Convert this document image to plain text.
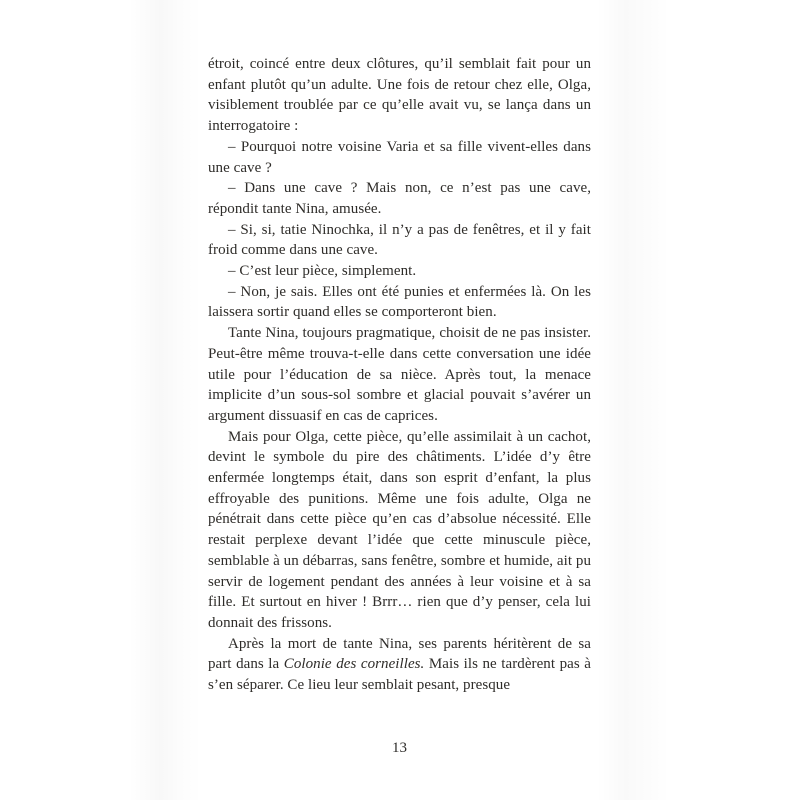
étroit, coincé entre deux clôtures, qu’il semblait fait pour un enfant plutôt qu’un adulte. Une fois de retour chez elle, Olga, visiblement troublée par ce qu’elle avait vu, se lança dans un interrogatoire :

– Pourquoi notre voisine Varia et sa fille vivent-elles dans une cave ?

– Dans une cave ? Mais non, ce n’est pas une cave, répondit tante Nina, amusée.

– Si, si, tatie Ninochka, il n’y a pas de fenêtres, et il y fait froid comme dans une cave.

– C’est leur pièce, simplement.

– Non, je sais. Elles ont été punies et enfermées là. On les laissera sortir quand elles se comporteront bien.

Tante Nina, toujours pragmatique, choisit de ne pas insister. Peut-être même trouva-t-elle dans cette conversation une idée utile pour l’éducation de sa nièce. Après tout, la menace implicite d’un sous-sol sombre et glacial pouvait s’avérer un argument dissuasif en cas de caprices.

Mais pour Olga, cette pièce, qu’elle assimilait à un cachot, devint le symbole du pire des châtiments. L’idée d’y être enfermée longtemps était, dans son esprit d’enfant, la plus effroyable des punitions. Même une fois adulte, Olga ne pénétrait dans cette pièce qu’en cas d’absolue nécessité. Elle restait perplexe devant l’idée que cette minuscule pièce, semblable à un débarras, sans fenêtre, sombre et humide, ait pu servir de logement pendant des années à leur voisine et à sa fille. Et surtout en hiver ! Brrr… rien que d’y penser, cela lui donnait des frissons.

Après la mort de tante Nina, ses parents héritèrent de sa part dans la Colonie des corneilles. Mais ils ne tardèrent pas à s’en séparer. Ce lieu leur semblait pesant, presque

13
